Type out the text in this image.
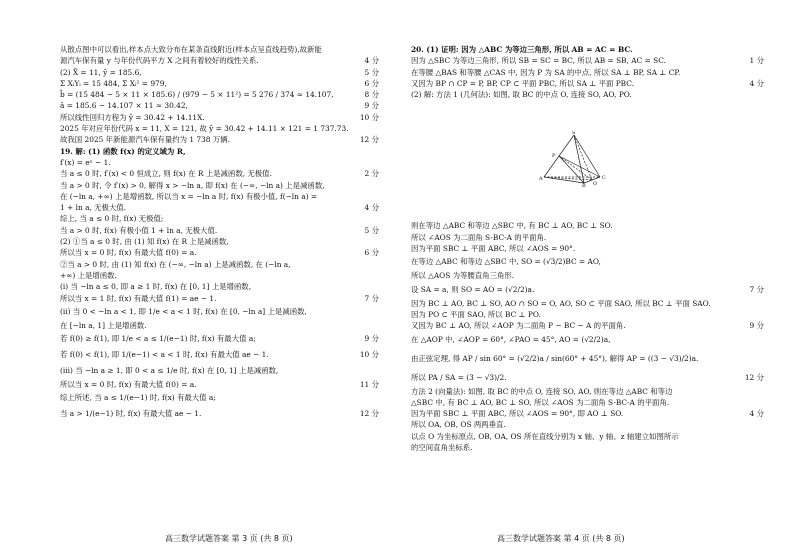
从散点图中可以看出,样本点大致分布在某条直线附近(样本点呈直线趋势),故新能
源汽车保有量 y 与年份代码平方 X 之间有着较好的线性关系.	4 分
(2) X̄ = 11, ȳ = 185.6,	5 分
Σ XᵢYᵢ = 15 484, Σ Xᵢ² = 979,	6 分
b̂ = (15 484 − 5 × 11 × 185.6) / (979 − 5 × 11²) = 5 276 / 374 ≈ 14.107,	8 分
â = 185.6 − 14.107 × 11 ≈ 30.42,	9 分
所以线性回归方程为 ŷ = 30.42 + 14.11X.	10 分
2025 年对应年份代码 x = 11, X = 121, 故 ŷ = 30.42 + 14.11 × 121 = 1 737.73.
故我国 2025 年新能源汽车保有量约为 1 738 万辆.	12 分
19. 解: (1) 函数 f(x) 的定义域为 R,
f′(x) = eˣ − 1.
当 a ≤ 0 时, f′(x) < 0 恒成立, 则 f(x) 在 R 上是减函数, 无极值.	2 分
当 a > 0 时, 令 f′(x) > 0, 解得 x > −ln a, 即 f(x) 在 (−∞, −ln a) 上是减函数,
在 (−ln a, +∞) 上是增函数, 所以当 x = −ln a 时, f(x) 有极小值, f(−ln a) =
1 + ln a, 无极大值.	4 分
综上, 当 a ≤ 0 时, f(x) 无极值;
当 a > 0 时, f(x) 有极小值 1 + ln a, 无极大值.	5 分
(2) ①当 a ≤ 0 时, 由 (1) 知 f(x) 在 R 上是减函数,
所以当 x = 0 时, f(x) 有最大值 f(0) = a.	6 分
②当 a > 0 时, 由 (1) 知 f(x) 在 (−∞, −ln a) 上是减函数, 在 (−ln a,
+∞) 上是增函数.
(i) 当 −ln a ≤ 0, 即 a ≥ 1 时, f(x) 在 [0, 1] 上是增函数,
所以当 x = 1 时, f(x) 有最大值 f(1) = ae − 1.	7 分
(ii) 当 0 < −ln a < 1, 即 1/e < a < 1 时, f(x) 在 [0, −ln a] 上是减函数,
在 [−ln a, 1] 上是增函数.
若 f(0) ≥ f(1), 即 1/e < a ≤ 1/(e−1) 时, f(x) 有最大值 a;	9 分
若 f(0) < f(1), 即 1/(e−1) < a < 1 时, f(x) 有最大值 ae − 1.	10 分
(iii) 当 −ln a ≥ 1, 即 0 < a ≤ 1/e 时, f(x) 在 [0, 1] 上是减函数,
所以当 x = 0 时, f(x) 有最大值 f(0) = a.	11 分
综上所述, 当 a ≤ 1/(e−1) 时, f(x) 有最大值 a;
当 a > 1/(e−1) 时, f(x) 有最大值 ae − 1.	12 分
20. (1) 证明: 因为 △ABC 为等边三角形, 所以 AB = AC = BC.
因为 △SBC 为等边三角形, 所以 SB = SC = BC, 所以 AB = SB, AC = SC.	1 分
在等腰 △BAS 和等腰 △CAS 中, 因为 P 为 SA 的中点, 所以 SA ⊥ BP, SA ⊥ CP.
又因为 BP ∩ CP = P, BP, CP ⊂ 平面 PBC, 所以 SA ⊥ 平面 PBC.	4 分
(2) 解: 方法 1 (几何法): 如图, 取 BC 的中点 O, 连接 SO, AO, PO.
则在等边 △ABC 和等边 △SBC 中, 有 BC ⊥ AO, BC ⊥ SO.
所以 ∠AOS 为二面角 S-BC-A 的平面角.
因为平面 SBC ⊥ 平面 ABC, 所以 ∠AOS = 90°.
在等边 △ABC 和等边 △SBC 中, SO = (√3/2)BC = AO,
所以 △AOS 为等腰直角三角形.
设 SA = a, 则 SO = AO = (√2/2)a.	7 分
因为 BC ⊥ AO, BC ⊥ SO, AO ∩ SO = O, AO, SO ⊂ 平面 SAO, 所以 BC ⊥ 平面 SAO.
因为 PO ⊂ 平面 SAO, 所以 BC ⊥ PO.
又因为 BC ⊥ AO, 所以 ∠AOP 为二面角 P − BC − A 的平面角.	9 分
在 △AOP 中, ∠AOP = 60°, ∠PAO = 45°, AO = (√2/2)a,
由正弦定理, 得 AP / sin 60° = (√2/2)a / sin(60° + 45°), 解得 AP = ((3 − √3)/2)a.
所以 PA / SA = (3 − √3)/2.	12 分
方法 2 (向量法): 如图, 取 BC 的中点 O, 连接 SO, AO, 则在等边 △ABC 和等边
△SBC 中, 有 BC ⊥ AO, BC ⊥ SO, 所以 ∠AOS 为二面角 S-BC-A 的平面角.
因为平面 SBC ⊥ 平面 ABC, 所以 ∠AOS = 90°, 即 AO ⊥ SO.	4 分
所以 OA, OB, OS 两两垂直.
以点 O 为坐标原点, OB, OA, OS 所在直线分别为 x 轴、y 轴、z 轴建立如图所示
的空间直角坐标系.
S
P
A
B
C
O
高三数学试题答案 第 3 页 (共 8 页)	高三数学试题答案 第 4 页 (共 8 页)
